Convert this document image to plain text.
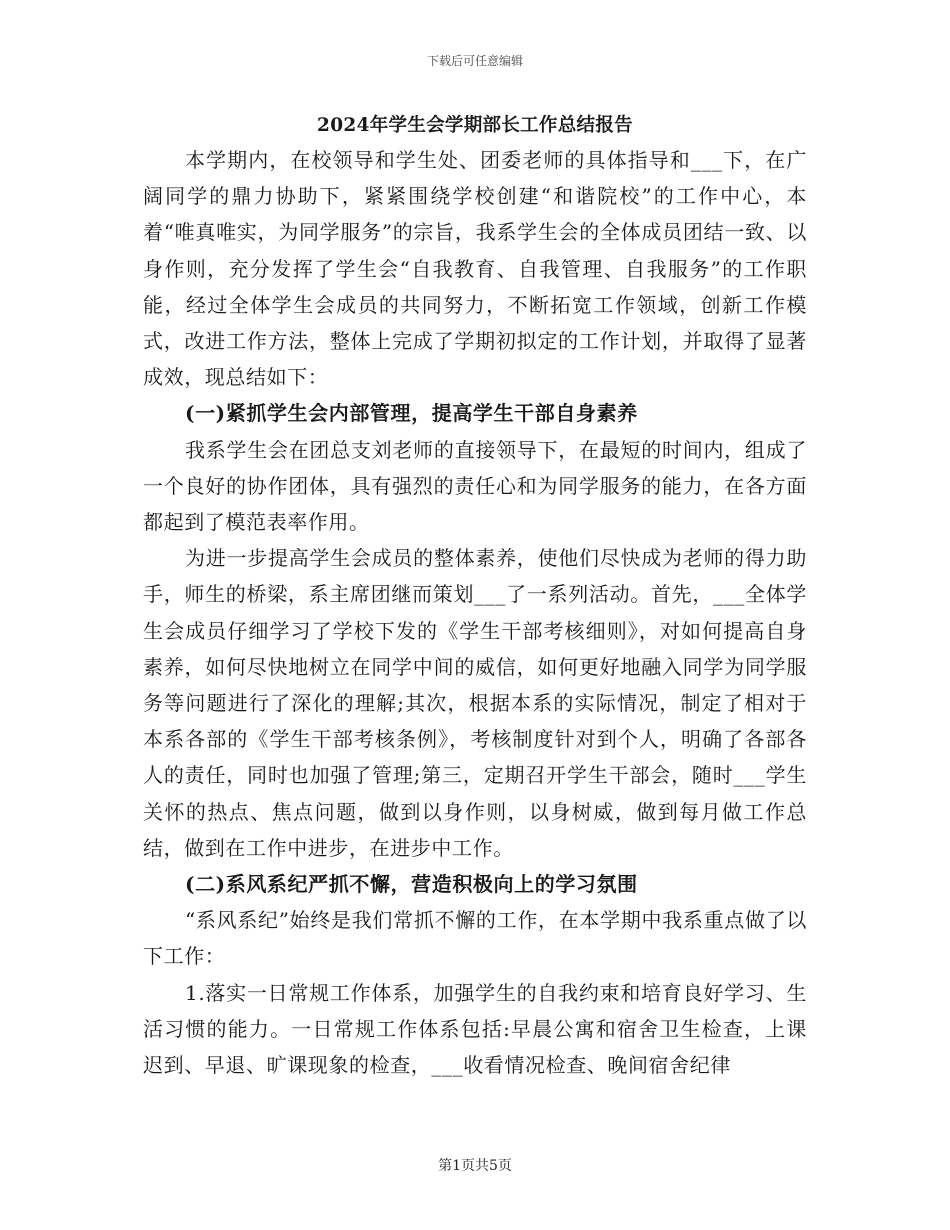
下载后可任意编辑
2024年学生会学期部长工作总结报告

本学期内，在校领导和学生处、团委老师的具体指导和___下，在广阔同学的鼎力协助下，紧紧围绕学校创建“和谐院校”的工作中心，本着“唯真唯实，为同学服务”的宗旨，我系学生会的全体成员团结一致、以身作则，充分发挥了学生会“自我教育、自我管理、自我服务”的工作职能，经过全体学生会成员的共同努力，不断拓宽工作领域，创新工作模式，改进工作方法，整体上完成了学期初拟定的工作计划，并取得了显著成效，现总结如下：

(一)紧抓学生会内部管理，提高学生干部自身素养

我系学生会在团总支刘老师的直接领导下，在最短的时间内，组成了一个良好的协作团体，具有强烈的责任心和为同学服务的能力，在各方面都起到了模范表率作用。

为进一步提高学生会成员的整体素养，使他们尽快成为老师的得力助手，师生的桥梁，系主席团继而策划___了一系列活动。首先，___全体学生会成员仔细学习了学校下发的《学生干部考核细则》，对如何提高自身素养，如何尽快地树立在同学中间的威信，如何更好地融入同学为同学服务等问题进行了深化的理解;其次，根据本系的实际情况，制定了相对于本系各部的《学生干部考核条例》，考核制度针对到个人，明确了各部各人的责任，同时也加强了管理;第三，定期召开学生干部会，随时___学生关怀的热点、焦点问题，做到以身作则，以身树威，做到每月做工作总结，做到在工作中进步，在进步中工作。

(二)系风系纪严抓不懈，营造积极向上的学习氛围

“系风系纪”始终是我们常抓不懈的工作，在本学期中我系重点做了以下工作：

1.落实一日常规工作体系，加强学生的自我约束和培育良好学习、生活习惯的能力。一日常规工作体系包括:早晨公寓和宿舍卫生检查，上课迟到、早退、旷课现象的检查，___收看情况检查、晚间宿舍纪律

第1页共5页
